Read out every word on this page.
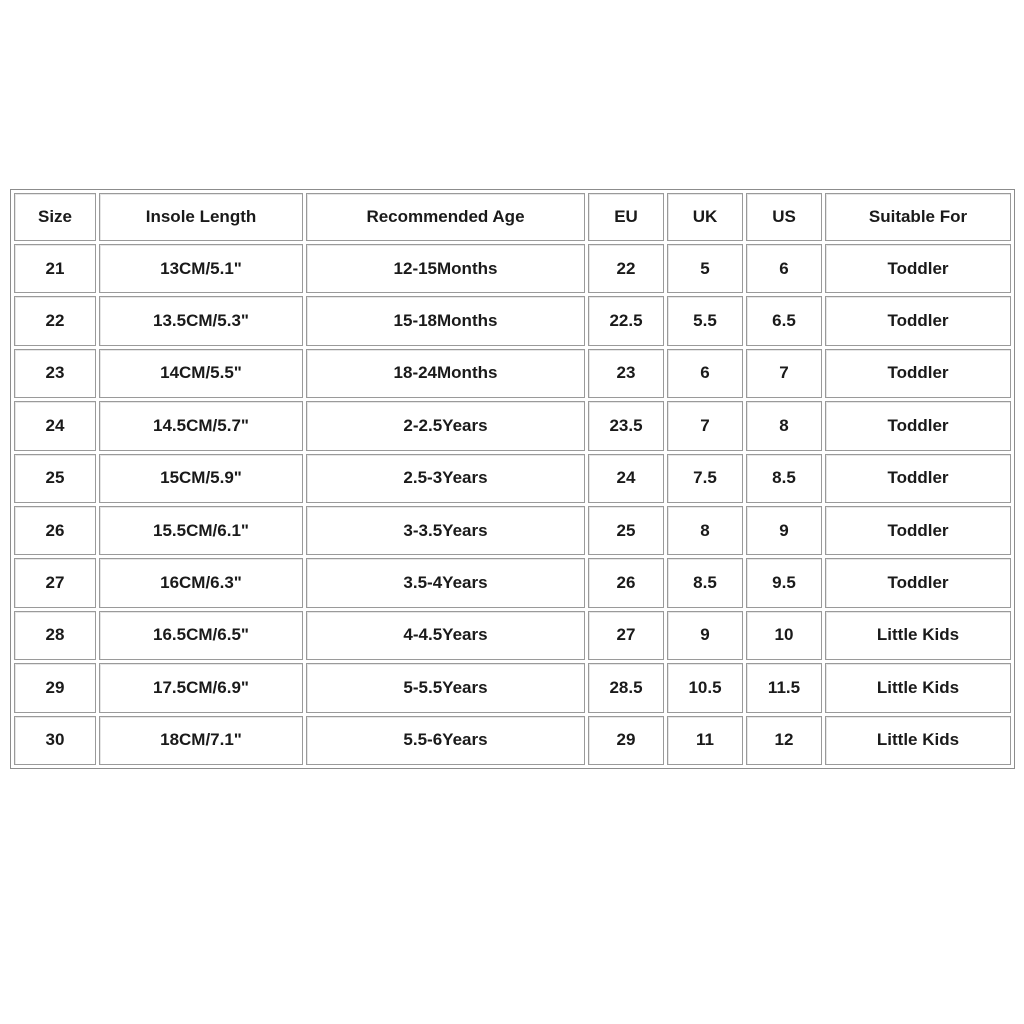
Size	Insole Length	Recommended Age	EU	UK	US	Suitable For
21	13CM/5.1"	12-15Months	22	5	6	Toddler
22	13.5CM/5.3"	15-18Months	22.5	5.5	6.5	Toddler
23	14CM/5.5"	18-24Months	23	6	7	Toddler
24	14.5CM/5.7"	2-2.5Years	23.5	7	8	Toddler
25	15CM/5.9"	2.5-3Years	24	7.5	8.5	Toddler
26	15.5CM/6.1"	3-3.5Years	25	8	9	Toddler
27	16CM/6.3"	3.5-4Years	26	8.5	9.5	Toddler
28	16.5CM/6.5"	4-4.5Years	27	9	10	Little Kids
29	17.5CM/6.9"	5-5.5Years	28.5	10.5	11.5	Little Kids
30	18CM/7.1"	5.5-6Years	29	11	12	Little Kids
